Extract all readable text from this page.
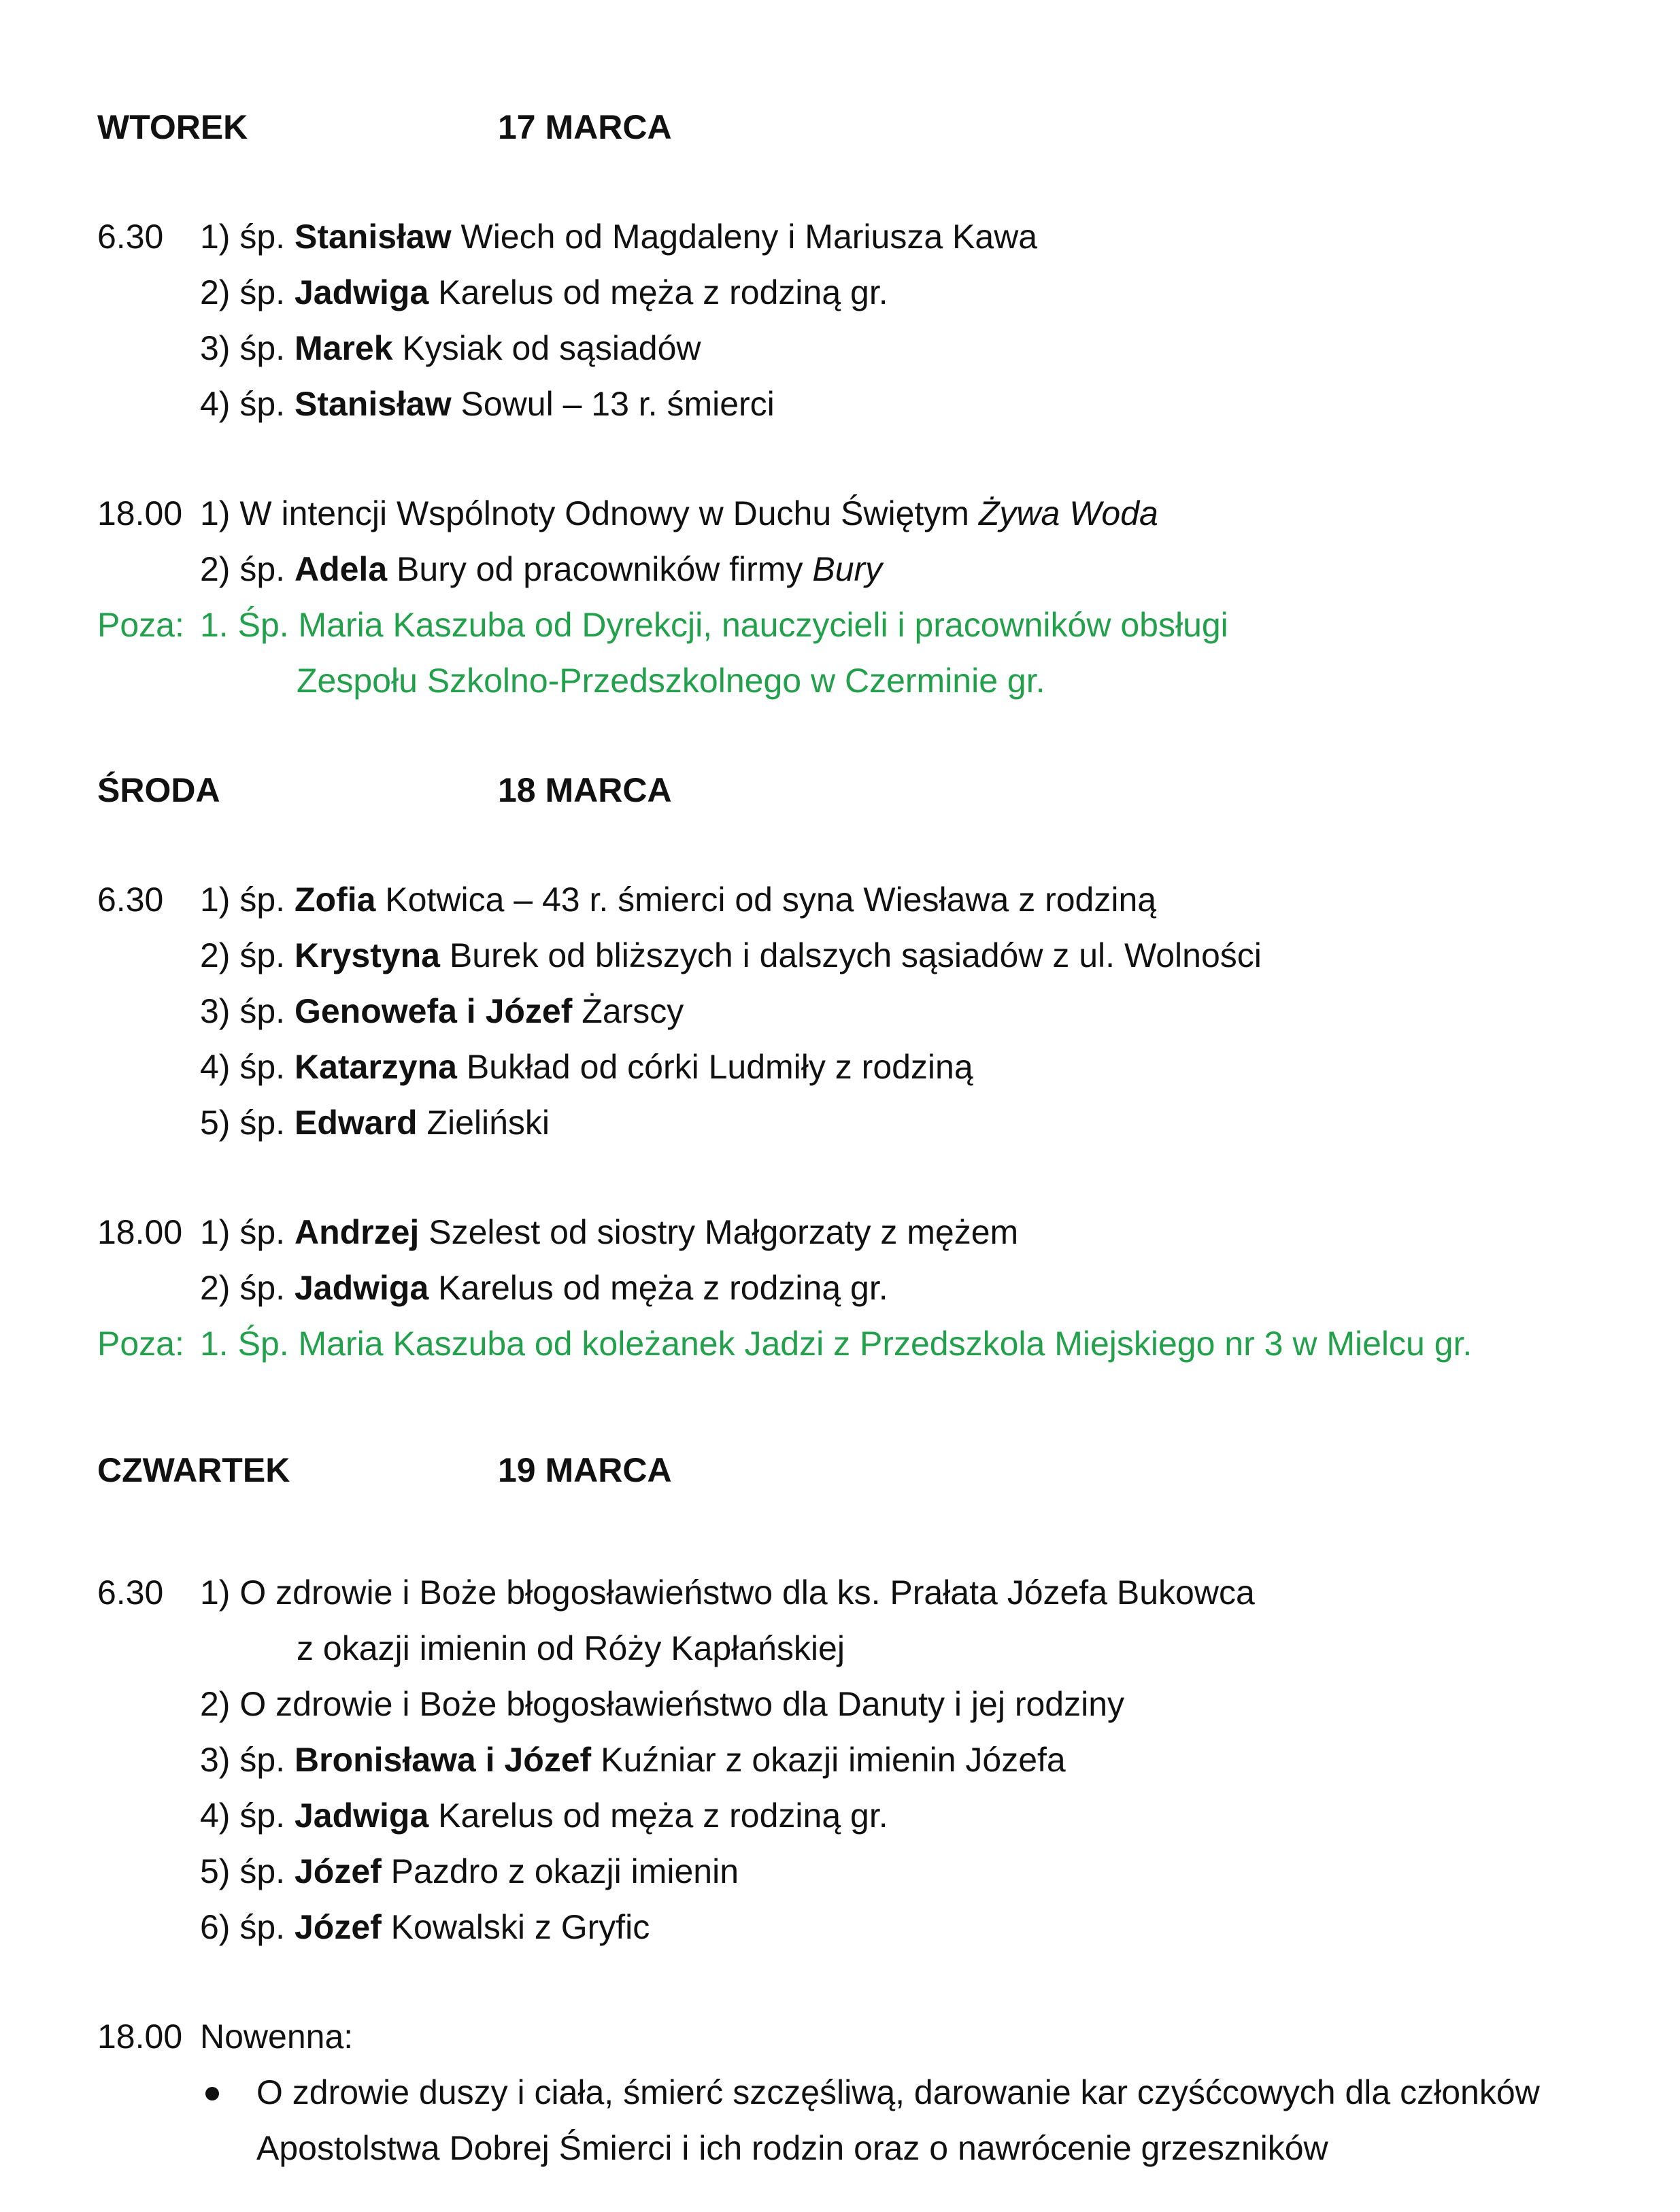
WTOREK	17 MARCA
6.30 1) śp. Stanisław Wiech od Magdaleny i Mariusza Kawa
2) śp. Jadwiga Karelus od męża z rodziną gr.
3) śp. Marek Kysiak od sąsiadów
4) śp. Stanisław Sowul – 13 r. śmierci
18.00 1) W intencji Wspólnoty Odnowy w Duchu Świętym Żywa Woda
2) śp. Adela Bury od pracowników firmy Bury
Poza: 1. Śp. Maria Kaszuba od Dyrekcji, nauczycieli i pracowników obsługi
Zespołu Szkolno-Przedszkolnego w Czerminie gr.
ŚRODA	18 MARCA
6.30 1) śp. Zofia Kotwica – 43 r. śmierci od syna Wiesława z rodziną
2) śp. Krystyna Burek od bliższych i dalszych sąsiadów z ul. Wolności
3) śp. Genowefa i Józef Żarscy
4) śp. Katarzyna Bukład od córki Ludmiły z rodziną
5) śp. Edward Zieliński
18.00 1) śp. Andrzej Szelest od siostry Małgorzaty z mężem
2) śp. Jadwiga Karelus od męża z rodziną gr.
Poza: 1. Śp. Maria Kaszuba od koleżanek Jadzi z Przedszkola Miejskiego nr 3 w Mielcu gr.
CZWARTEK	19 MARCA
6.30 1) O zdrowie i Boże błogosławieństwo dla ks. Prałata Józefa Bukowca
z okazji imienin od Róży Kapłańskiej
2) O zdrowie i Boże błogosławieństwo dla Danuty i jej rodziny
3) śp. Bronisława i Józef Kuźniar z okazji imienin Józefa
4) śp. Jadwiga Karelus od męża z rodziną gr.
5) śp. Józef Pazdro z okazji imienin
6) śp. Józef Kowalski z Gryfic
18.00 Nowenna:
O zdrowie duszy i ciała, śmierć szczęśliwą, darowanie kar czyśćcowych dla członków
Apostolstwa Dobrej Śmierci i ich rodzin oraz o nawrócenie grzeszników
